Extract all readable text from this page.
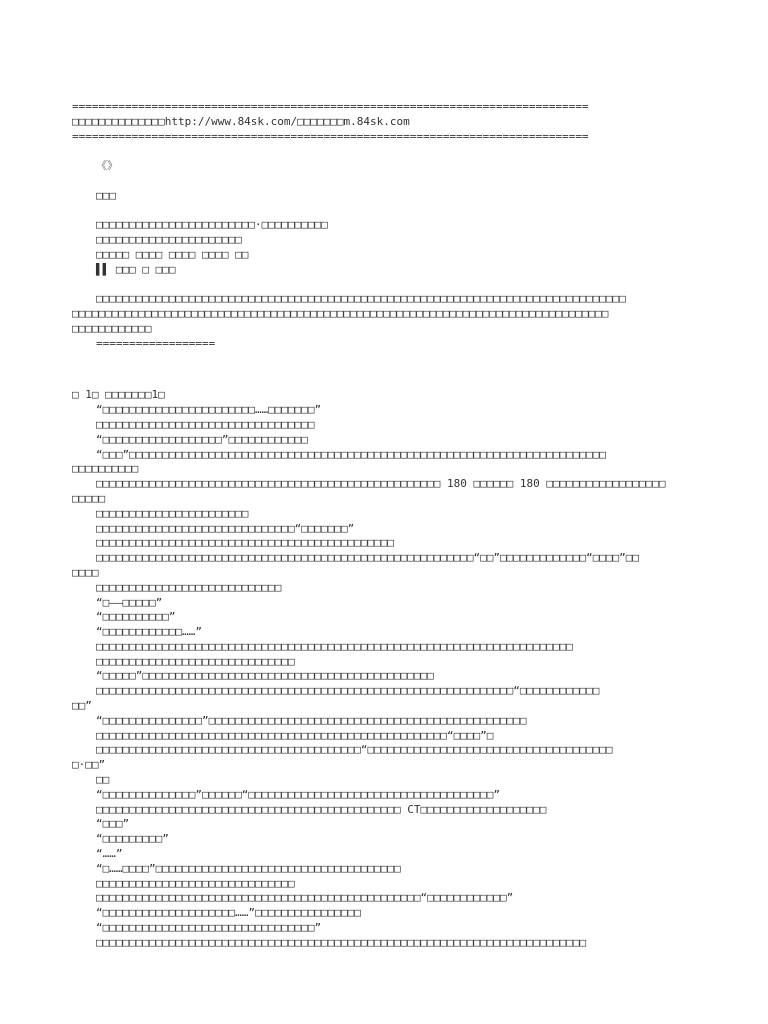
==============================================================================
□□□□□□□□□□□□□□http://www.84sk.com/□□□□□□□m.84sk.com
==============================================================================
《》
□□□
□□□□□□□□□□□□□□□□□□□□□□□□·□□□□□□□□□□
□□□□□□□□□□□□□□□□□□□□□□
□□□□□ □□□□ □□□□ □□□□ □□
▌▌ □□□ □ □□□
□□□□□□□□□□□□□□□□□□□□□□□□□□□□□□□□□□□□□□□□□□□□□□□□□□□□□□□□□□□□□□□□□□□□□□□□□□□□□□□□
□□□□□□□□□□□□□□□□□□□□□□□□□□□□□□□□□□□□□□□□□□□□□□□□□□□□□□□□□□□□□□□□□□□□□□□□□□□□□□□□□
□□□□□□□□□□□□
==================
□ 1□ □□□□□□□1□
“□□□□□□□□□□□□□□□□□□□□□□□……□□□□□□□”
□□□□□□□□□□□□□□□□□□□□□□□□□□□□□□□□□
“□□□□□□□□□□□□□□□□□□”□□□□□□□□□□□□
“□□□”□□□□□□□□□□□□□□□□□□□□□□□□□□□□□□□□□□□□□□□□□□□□□□□□□□□□□□□□□□□□□□□□□□□□□□□□
□□□□□□□□□□
□□□□□□□□□□□□□□□□□□□□□□□□□□□□□□□□□□□□□□□□□□□□□□□□□□□□ 180 □□□□□□ 180 □□□□□□□□□□□□□□□□□□
□□□□□
□□□□□□□□□□□□□□□□□□□□□□□
□□□□□□□□□□□□□□□□□□□□□□□□□□□□□□“□□□□□□□”
□□□□□□□□□□□□□□□□□□□□□□□□□□□□□□□□□□□□□□□□□□□□□
□□□□□□□□□□□□□□□□□□□□□□□□□□□□□□□□□□□□□□□□□□□□□□□□□□□□□□□□□“□□”□□□□□□□□□□□□□“□□□□”□□
□□□□
□□□□□□□□□□□□□□□□□□□□□□□□□□□□
“□——□□□□□”
“□□□□□□□□□□”
“□□□□□□□□□□□□……”
□□□□□□□□□□□□□□□□□□□□□□□□□□□□□□□□□□□□□□□□□□□□□□□□□□□□□□□□□□□□□□□□□□□□□□□□
□□□□□□□□□□□□□□□□□□□□□□□□□□□□□□
“□□□□□”□□□□□□□□□□□□□□□□□□□□□□□□□□□□□□□□□□□□□□□□□□□□
□□□□□□□□□□□□□□□□□□□□□□□□□□□□□□□□□□□□□□□□□□□□□□□□□□□□□□□□□□□□□□□“□□□□□□□□□□□□
□□”
“□□□□□□□□□□□□□□□”□□□□□□□□□□□□□□□□□□□□□□□□□□□□□□□□□□□□□□□□□□□□□□□□
□□□□□□□□□□□□□□□□□□□□□□□□□□□□□□□□□□□□□□□□□□□□□□□□□□□□□“□□□□”□
□□□□□□□□□□□□□□□□□□□□□□□□□□□□□□□□□□□□□□□□“□□□□□□□□□□□□□□□□□□□□□□□□□□□□□□□□□□□□□
□·□□”
□□
“□□□□□□□□□□□□□□”□□□□□□“□□□□□□□□□□□□□□□□□□□□□□□□□□□□□□□□□□□□□”
□□□□□□□□□□□□□□□□□□□□□□□□□□□□□□□□□□□□□□□□□□□□□□ CT□□□□□□□□□□□□□□□□□□□
“□□□”
“□□□□□□□□□”
“……”
“□……□□□□”□□□□□□□□□□□□□□□□□□□□□□□□□□□□□□□□□□□□□
□□□□□□□□□□□□□□□□□□□□□□□□□□□□□□
□□□□□□□□□□□□□□□□□□□□□□□□□□□□□□□□□□□□□□□□□□□□□□□□□“□□□□□□□□□□□□”
“□□□□□□□□□□□□□□□□□□□□……”□□□□□□□□□□□□□□□□
“□□□□□□□□□□□□□□□□□□□□□□□□□□□□□□□□”
□□□□□□□□□□□□□□□□□□□□□□□□□□□□□□□□□□□□□□□□□□□□□□□□□□□□□□□□□□□□□□□□□□□□□□□□□□
